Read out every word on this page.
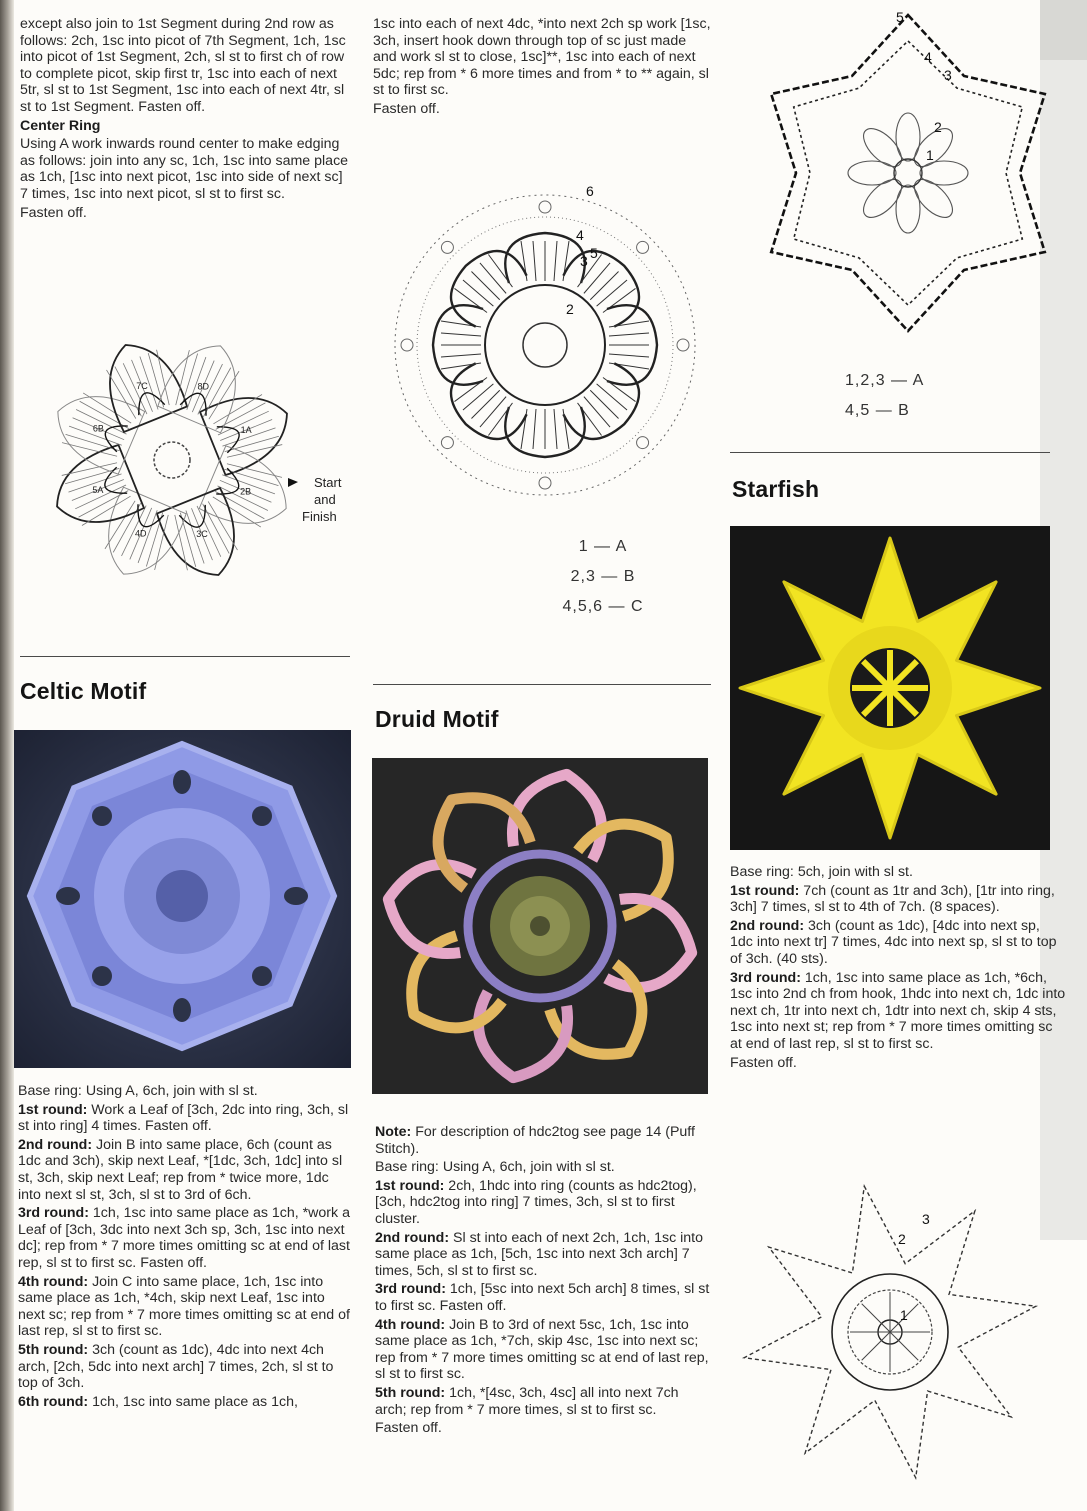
except also join to 1st Segment during 2nd row as follows: 2ch, 1sc into picot of 7th Segment, 1ch, 1sc into picot of 1st Segment, 2ch, sl st to first ch of row to complete picot, skip first tr, 1sc into each of next 5tr, sl st to 1st Segment, 1sc into each of next 4tr, sl st to 1st Segment. Fasten off.

Center Ring

Using A work inwards round center to make edging as follows: join into any sc, 1ch, 1sc into same place as 1ch, [1sc into next picot, 1sc into side of next sc] 7 times, 1sc into next picot, sl st to first sc.

Fasten off.

1A
2B
3C
4D
5A
6B
7C	8D
Start
and
Finish
Celtic Motif

Base ring: Using A, 6ch, join with sl st.

1st round: Work a Leaf of [3ch, 2dc into ring, 3ch, sl st into ring] 4 times. Fasten off.

2nd round: Join B into same place, 6ch (count as 1dc and 3ch), skip next Leaf, *[1dc, 3ch, 1dc] into sl st, 3ch, skip next Leaf; rep from * twice more, 1dc into next sl st, 3ch, sl st to 3rd of 6ch.

3rd round: 1ch, 1sc into same place as 1ch, *work a Leaf of [3ch, 3dc into next 3ch sp, 3ch, 1sc into next dc]; rep from * 7 more times omitting sc at end of last rep, sl st to first sc. Fasten off.

4th round: Join C into same place, 1ch, 1sc into same place as 1ch, *4ch, skip next Leaf, 1sc into next sc; rep from * 7 more times omitting sc at end of last rep, sl st to first sc.

5th round: 3ch (count as 1dc), 4dc into next 4ch arch, [2ch, 5dc into next arch] 7 times, 2ch, sl st to top of 3ch.

6th round: 1ch, 1sc into same place as 1ch,

1sc into each of next 4dc, *into next 2ch sp work [1sc, 3ch, insert hook down through top of sc just made and work sl st to close, 1sc]**, 1sc into each of next 5dc; rep from * 6 more times and from * to ** again, sl st to first sc.

Fasten off.

2
3
4
5
6
1 — A
2,3 — B
4,5,6 — C
Druid Motif

Note: For description of hdc2tog see page 14 (Puff Stitch).

Base ring: Using A, 6ch, join with sl st.

1st round: 2ch, 1hdc into ring (counts as hdc2tog), [3ch, hdc2tog into ring] 7 times, 3ch, sl st to first cluster.

2nd round: Sl st into each of next 2ch, 1ch, 1sc into same place as 1ch, [5ch, 1sc into next 3ch arch] 7 times, 5ch, sl st to first sc.

3rd round: 1ch, [5sc into next 5ch arch] 8 times, sl st to first sc. Fasten off.

4th round: Join B to 3rd of next 5sc, 1ch, 1sc into same place as 1ch, *7ch, skip 4sc, 1sc into next sc; rep from * 7 more times omitting sc at end of last rep, sl st to first sc.

5th round: 1ch, *[4sc, 3ch, 4sc] all into next 7ch arch; rep from * 7 more times, sl st to first sc.

Fasten off.

1
2
3
4
5
1,2,3 — A
4,5 — B
Starfish

Base ring: 5ch, join with sl st.

1st round: 7ch (count as 1tr and 3ch), [1tr into ring, 3ch] 7 times, sl st to 4th of 7ch. (8 spaces).

2nd round: 3ch (count as 1dc), [4dc into next sp, 1dc into next tr] 7 times, 4dc into next sp, sl st to top of 3ch. (40 sts).

3rd round: 1ch, 1sc into same place as 1ch, *6ch, 1sc into 2nd ch from hook, 1hdc into next ch, 1dc into next ch, 1tr into next ch, 1dtr into next ch, skip 4 sts, 1sc into next st; rep from * 7 more times omitting sc at end of last rep, sl st to first sc.

Fasten off.

1
2
3
